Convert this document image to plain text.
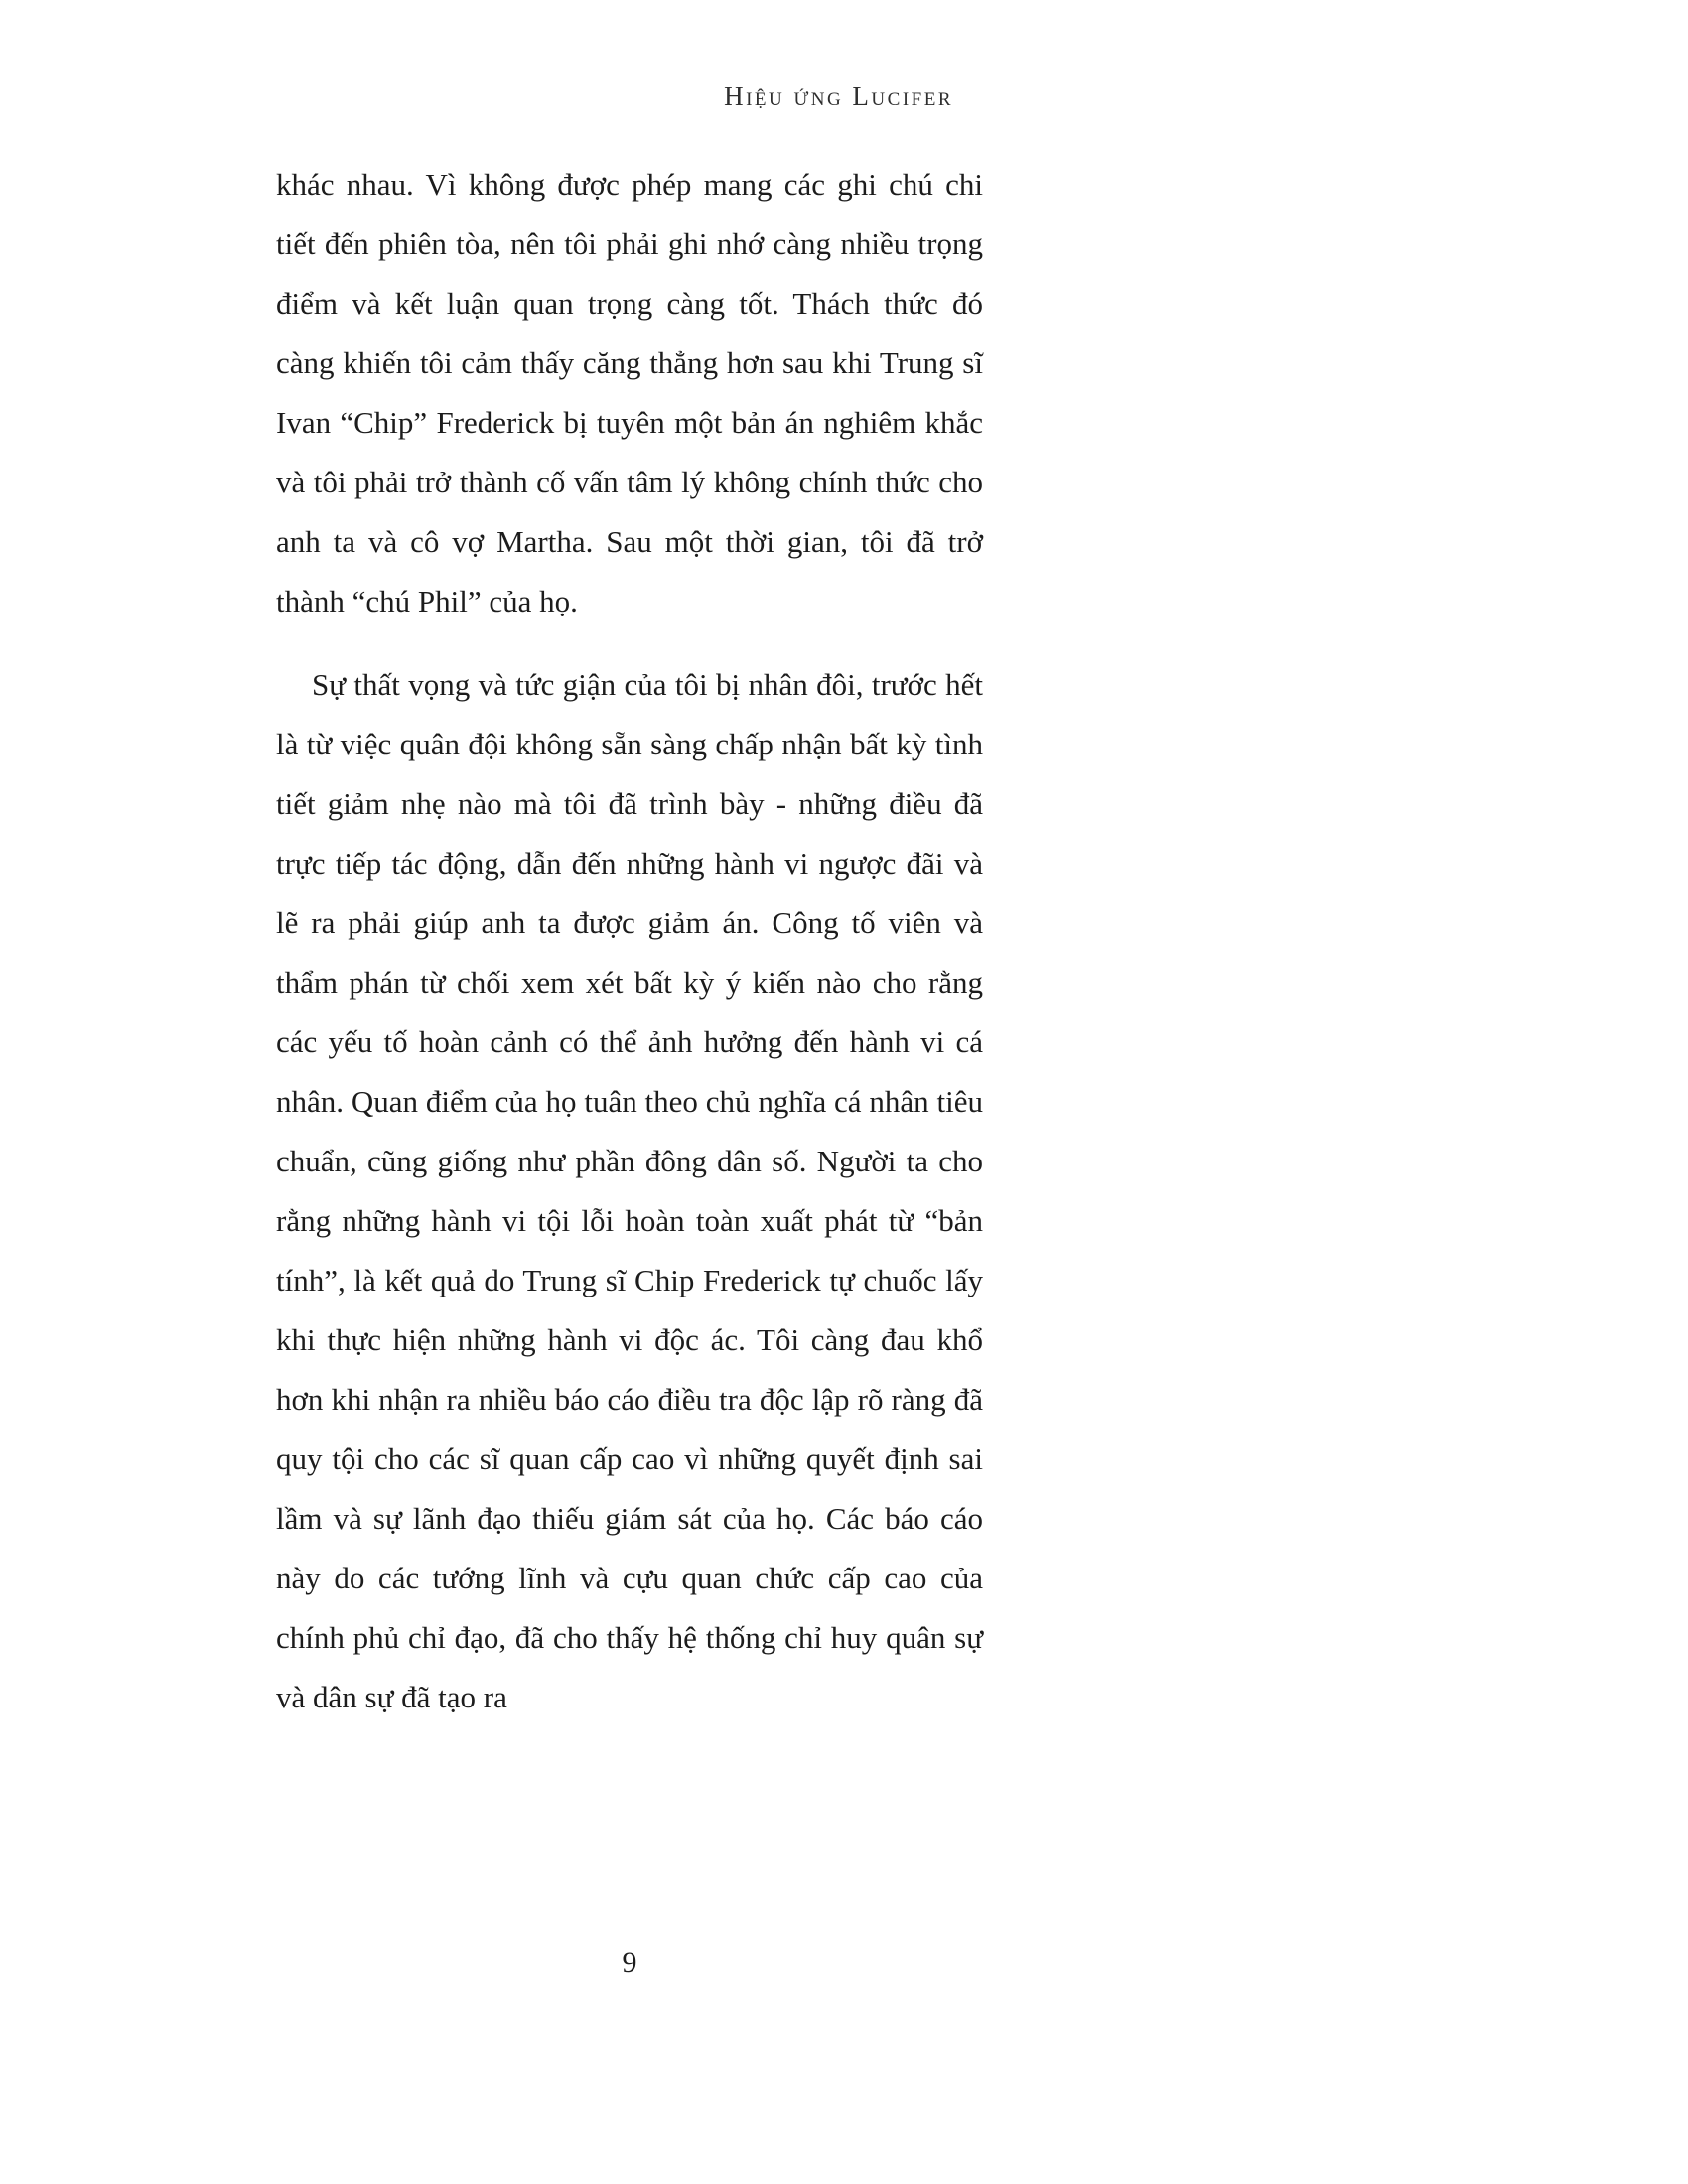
Hiệu ứng Lucifer

khác nhau. Vì không được phép mang các ghi chú chi tiết đến phiên tòa, nên tôi phải ghi nhớ càng nhiều trọng điểm và kết luận quan trọng càng tốt. Thách thức đó càng khiến tôi cảm thấy căng thẳng hơn sau khi Trung sĩ Ivan “Chip” Frederick bị tuyên một bản án nghiêm khắc và tôi phải trở thành cố vấn tâm lý không chính thức cho anh ta và cô vợ Martha. Sau một thời gian, tôi đã trở thành “chú Phil” của họ.

Sự thất vọng và tức giận của tôi bị nhân đôi, trước hết là từ việc quân đội không sẵn sàng chấp nhận bất kỳ tình tiết giảm nhẹ nào mà tôi đã trình bày - những điều đã trực tiếp tác động, dẫn đến những hành vi ngược đãi và lẽ ra phải giúp anh ta được giảm án. Công tố viên và thẩm phán từ chối xem xét bất kỳ ý kiến nào cho rằng các yếu tố hoàn cảnh có thể ảnh hưởng đến hành vi cá nhân. Quan điểm của họ tuân theo chủ nghĩa cá nhân tiêu chuẩn, cũng giống như phần đông dân số. Người ta cho rằng những hành vi tội lỗi hoàn toàn xuất phát từ “bản tính”, là kết quả do Trung sĩ Chip Frederick tự chuốc lấy khi thực hiện những hành vi độc ác. Tôi càng đau khổ hơn khi nhận ra nhiều báo cáo điều tra độc lập rõ ràng đã quy tội cho các sĩ quan cấp cao vì những quyết định sai lầm và sự lãnh đạo thiếu giám sát của họ. Các báo cáo này do các tướng lĩnh và cựu quan chức cấp cao của chính phủ chỉ đạo, đã cho thấy hệ thống chỉ huy quân sự và dân sự đã tạo ra

9
